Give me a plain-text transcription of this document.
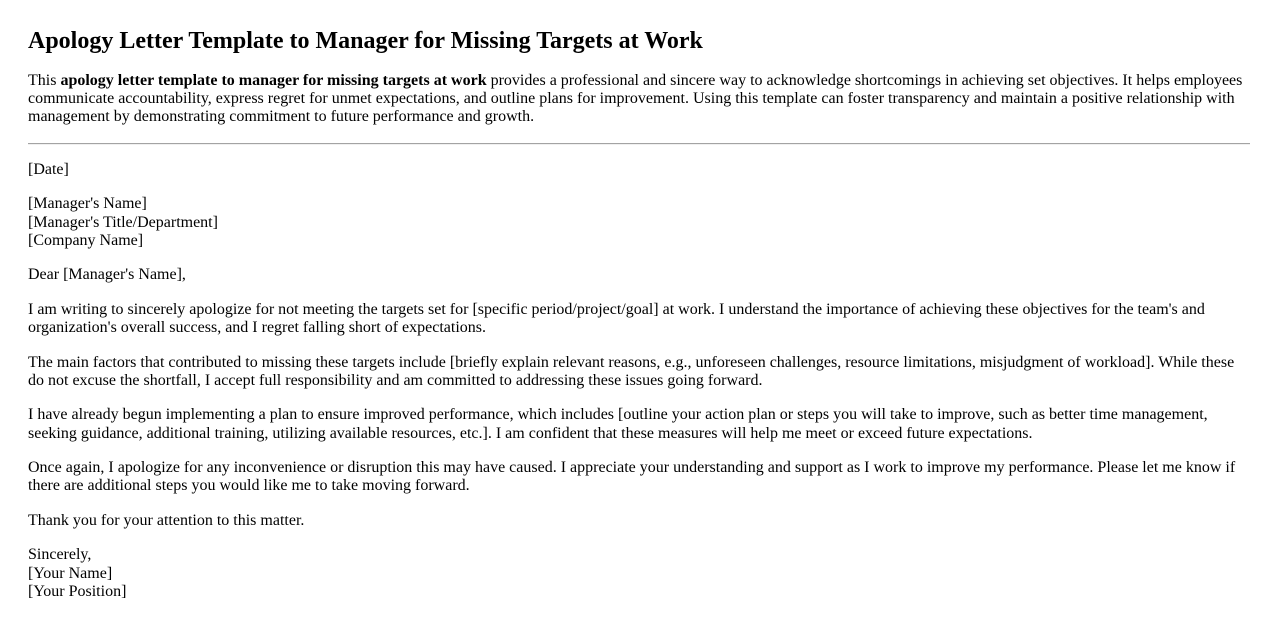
Apology Letter Template to Manager for Missing Targets at Work

This apology letter template to manager for missing targets at work provides a professional and sincere way to acknowledge shortcomings in achieving set objectives. It helps employees communicate accountability, express regret for unmet expectations, and outline plans for improvement. Using this template can foster transparency and maintain a positive relationship with management by demonstrating commitment to future performance and growth.

[Date]

[Manager's Name]
[Manager's Title/Department]
[Company Name]

Dear [Manager's Name],

I am writing to sincerely apologize for not meeting the targets set for [specific period/project/goal] at work. I understand the importance of achieving these objectives for the team's and organization's overall success, and I regret falling short of expectations.

The main factors that contributed to missing these targets include [briefly explain relevant reasons, e.g., unforeseen challenges, resource limitations, misjudgment of workload]. While these do not excuse the shortfall, I accept full responsibility and am committed to addressing these issues going forward.

I have already begun implementing a plan to ensure improved performance, which includes [outline your action plan or steps you will take to improve, such as better time management, seeking guidance, additional training, utilizing available resources, etc.]. I am confident that these measures will help me meet or exceed future expectations.

Once again, I apologize for any inconvenience or disruption this may have caused. I appreciate your understanding and support as I work to improve my performance. Please let me know if there are additional steps you would like me to take moving forward.

Thank you for your attention to this matter.

Sincerely,
[Your Name]
[Your Position]
